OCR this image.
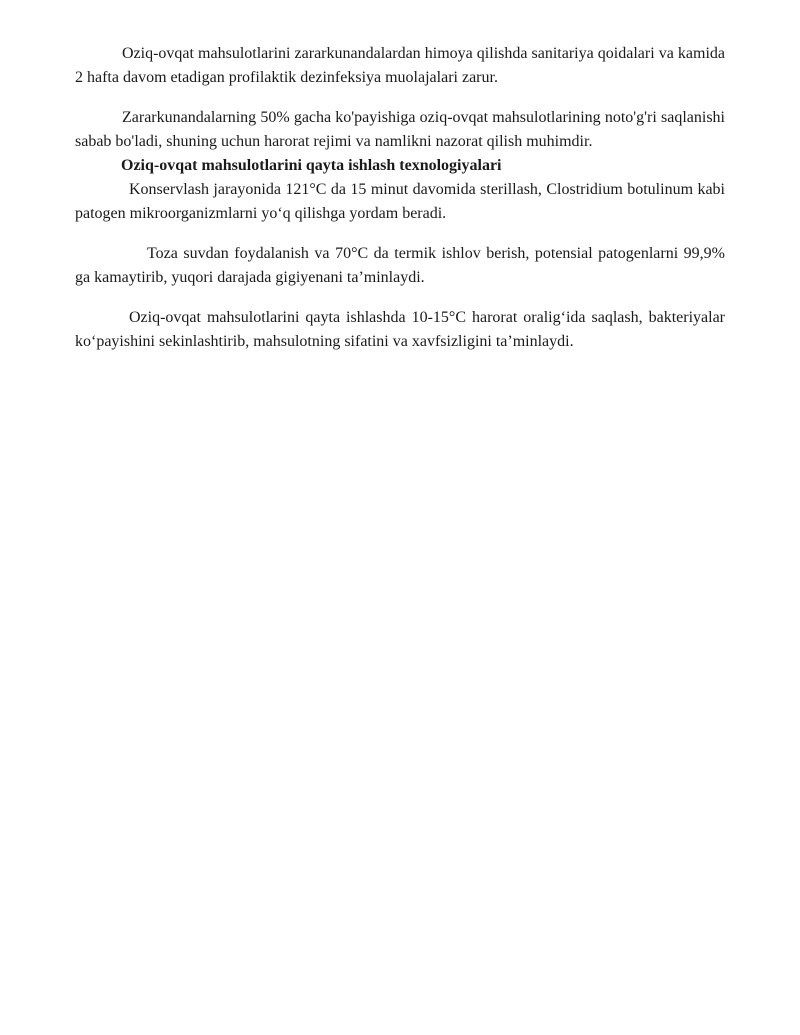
Oziq-ovqat mahsulotlarini zararkunandalardan himoya qilishda sanitariya qoidalari va kamida 2 hafta davom etadigan profilaktik dezinfeksiya muolajalari zarur.

Zararkunandalarning 50% gacha ko'payishiga oziq-ovqat mahsulotlarining noto'g'ri saqlanishi sabab bo'ladi, shuning uchun harorat rejimi va namlikni nazorat qilish muhimdir.

Oziq-ovqat mahsulotlarini qayta ishlash texnologiyalari

Konservlash jarayonida 121°C da 15 minut davomida sterillash, Clostridium botulinum kabi patogen mikroorganizmlarni yo‘q qilishga yordam beradi.

Toza suvdan foydalanish va 70°C da termik ishlov berish, potensial patogenlarni 99,9% ga kamaytirib, yuqori darajada gigiyenani ta’minlaydi.

Oziq-ovqat mahsulotlarini qayta ishlashda 10-15°C harorat oralig‘ida saqlash, bakteriyalar ko‘payishini sekinlashtirib, mahsulotning sifatini va xavfsizligini ta’minlaydi.
